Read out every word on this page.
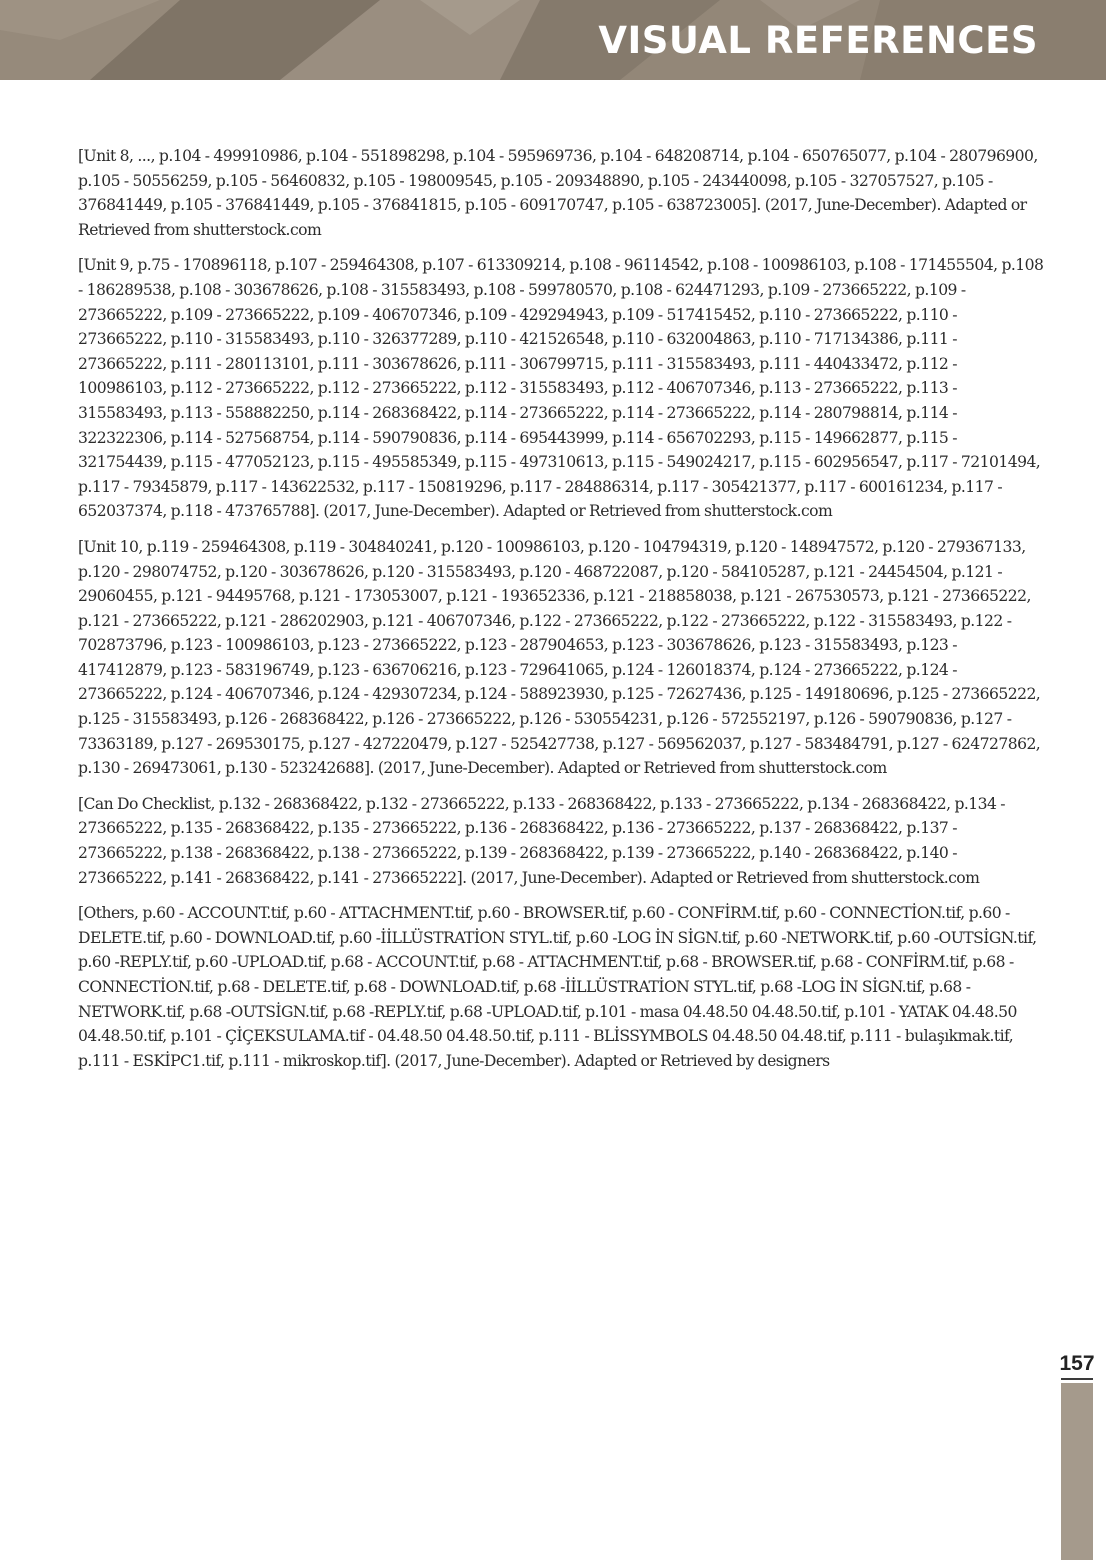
VISUAL REFERENCES

[Unit 8, ..., p.104 - 499910986, p.104 - 551898298, p.104 - 595969736, p.104 - 648208714, p.104 - 650765077, p.104 - 280796900, p.105 - 50556259, p.105 - 56460832, p.105 - 198009545, p.105 - 209348890, p.105 - 243440098, p.105 - 327057527, p.105 - 376841449, p.105 - 376841449, p.105 - 376841815, p.105 - 609170747, p.105 - 638723005]. (2017, June-December). Adapted or Retrieved from shutterstock.com

[Unit 9, p.75 - 170896118, p.107 - 259464308, p.107 - 613309214, p.108 - 96114542, p.108 - 100986103, p.108 - 171455504, p.108 - 186289538, p.108 - 303678626, p.108 - 315583493, p.108 - 599780570, p.108 - 624471293, p.109 - 273665222, p.109 - 273665222, p.109 - 273665222, p.109 - 406707346, p.109 - 429294943, p.109 - 517415452, p.110 - 273665222, p.110 - 273665222, p.110 - 315583493, p.110 - 326377289, p.110 - 421526548, p.110 - 632004863, p.110 - 717134386, p.111 - 273665222, p.111 - 280113101, p.111 - 303678626, p.111 - 306799715, p.111 - 315583493, p.111 - 440433472, p.112 - 100986103, p.112 - 273665222, p.112 - 273665222, p.112 - 315583493, p.112 - 406707346, p.113 - 273665222, p.113 - 315583493, p.113 - 558882250, p.114 - 268368422, p.114 - 273665222, p.114 - 273665222, p.114 - 280798814, p.114 - 322322306, p.114 - 527568754, p.114 - 590790836, p.114 - 695443999, p.114 - 656702293, p.115 - 149662877, p.115 - 321754439, p.115 - 477052123, p.115 - 495585349, p.115 - 497310613, p.115 - 549024217, p.115 - 602956547, p.117 - 72101494, p.117 - 79345879, p.117 - 143622532, p.117 - 150819296, p.117 - 284886314, p.117 - 305421377, p.117 - 600161234, p.117 - 652037374, p.118 - 473765788]. (2017, June-December). Adapted or Retrieved from shutterstock.com

[Unit 10, p.119 - 259464308, p.119 - 304840241, p.120 - 100986103, p.120 - 104794319, p.120 - 148947572, p.120 - 279367133, p.120 - 298074752, p.120 - 303678626, p.120 - 315583493, p.120 - 468722087, p.120 - 584105287, p.121 - 24454504, p.121 - 29060455, p.121 - 94495768, p.121 - 173053007, p.121 - 193652336, p.121 - 218858038, p.121 - 267530573, p.121 - 273665222, p.121 - 273665222, p.121 - 286202903, p.121 - 406707346, p.122 - 273665222, p.122 - 273665222, p.122 - 315583493, p.122 - 702873796, p.123 - 100986103, p.123 - 273665222, p.123 - 287904653, p.123 - 303678626, p.123 - 315583493, p.123 - 417412879, p.123 - 583196749, p.123 - 636706216, p.123 - 729641065, p.124 - 126018374, p.124 - 273665222, p.124 - 273665222, p.124 - 406707346, p.124 - 429307234, p.124 - 588923930, p.125 - 72627436, p.125 - 149180696, p.125 - 273665222, p.125 - 315583493, p.126 - 268368422, p.126 - 273665222, p.126 - 530554231, p.126 - 572552197, p.126 - 590790836, p.127 - 73363189, p.127 - 269530175, p.127 - 427220479, p.127 - 525427738, p.127 - 569562037, p.127 - 583484791, p.127 - 624727862, p.130 - 269473061, p.130 - 523242688]. (2017, June-December). Adapted or Retrieved from shutterstock.com

[Can Do Checklist, p.132 - 268368422, p.132 - 273665222, p.133 - 268368422, p.133 - 273665222, p.134 - 268368422, p.134 - 273665222, p.135 - 268368422, p.135 - 273665222, p.136 - 268368422, p.136 - 273665222, p.137 - 268368422, p.137 - 273665222, p.138 - 268368422, p.138 - 273665222, p.139 - 268368422, p.139 - 273665222, p.140 - 268368422, p.140 - 273665222, p.141 - 268368422, p.141 - 273665222]. (2017, June-December). Adapted or Retrieved from shutterstock.com

[Others, p.60 - ACCOUNT.tif, p.60 - ATTACHMENT.tif, p.60 - BROWSER.tif, p.60 - CONFİRM.tif, p.60 - CONNECTİON.tif, p.60 - DELETE.tif, p.60 - DOWNLOAD.tif, p.60 -İİLLÜSTRATİON STYL.tif, p.60 -LOG İN SİGN.tif, p.60 -NETWORK.tif, p.60 -OUTSİGN.tif, p.60 -REPLY.tif, p.60 -UPLOAD.tif, p.68 - ACCOUNT.tif, p.68 - ATTACHMENT.tif, p.68 - BROWSER.tif, p.68 - CONFİRM.tif, p.68 - CONNECTİON.tif, p.68 - DELETE.tif, p.68 - DOWNLOAD.tif, p.68 -İİLLÜSTRATİON STYL.tif, p.68 -LOG İN SİGN.tif, p.68 -NETWORK.tif, p.68 -OUTSİGN.tif, p.68 -REPLY.tif, p.68 -UPLOAD.tif, p.101 - masa 04.48.50 04.48.50.tif, p.101 - YATAK 04.48.50 04.48.50.tif, p.101 - ÇİÇEKSULAMA.tif - 04.48.50 04.48.50.tif, p.111 - BLİSSYMBOLS 04.48.50 04.48.tif, p.111 - bulaşıkmak.tif, p.111 - ESKİPC1.tif, p.111 - mikroskop.tif]. (2017, June-December). Adapted or Retrieved by designers

157
